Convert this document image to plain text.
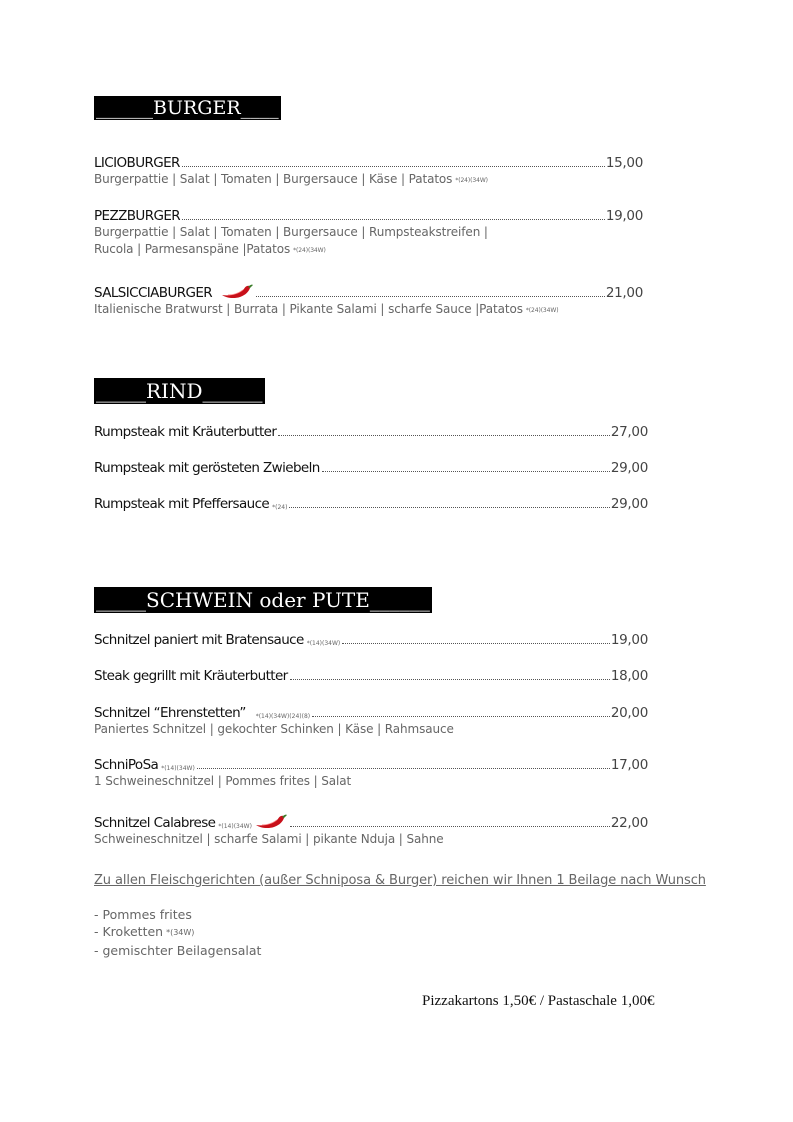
______BURGER____
LICIOBURGER	15,00
Burgerpattie | Salat | Tomaten | Burgersauce | Käse | Patatos *(24)(34W)
PEZZBURGER	19,00
Burgerpattie | Salat | Tomaten | Burgersauce | Rumpsteakstreifen |
Rucola | Parmesanspäne |Patatos *(24)(34W)
SALSICCIABURGER	21,00
Italienische Bratwurst | Burrata | Pikante Salami | scharfe Sauce |Patatos *(24)(34W)
_____RIND______
Rumpsteak mit Kräuterbutter	27,00
Rumpsteak mit gerösteten Zwiebeln	29,00
Rumpsteak mit Pfeffersauce *(24)	29,00
_____SCHWEIN oder PUTE______
Schnitzel paniert mit Bratensauce *(14)(34W)	19,00
Steak gegrillt mit Kräuterbutter	18,00
Schnitzel “Ehrenstetten” *(14)(34W)(24)(8)	20,00
Paniertes Schnitzel | gekochter Schinken | Käse | Rahmsauce
SchniPoSa *(14)(34W)	17,00
1 Schweineschnitzel | Pommes frites | Salat
Schnitzel Calabrese *(14)(34W)	22,00
Schweineschnitzel | scharfe Salami | pikante Nduja | Sahne
Zu allen Fleischgerichten (außer Schniposa & Burger) reichen wir Ihnen 1 Beilage nach Wunsch
- Pommes frites
- Kroketten *(34W)
- gemischter Beilagensalat
Pizzakartons 1,50€ / Pastaschale 1,00€
